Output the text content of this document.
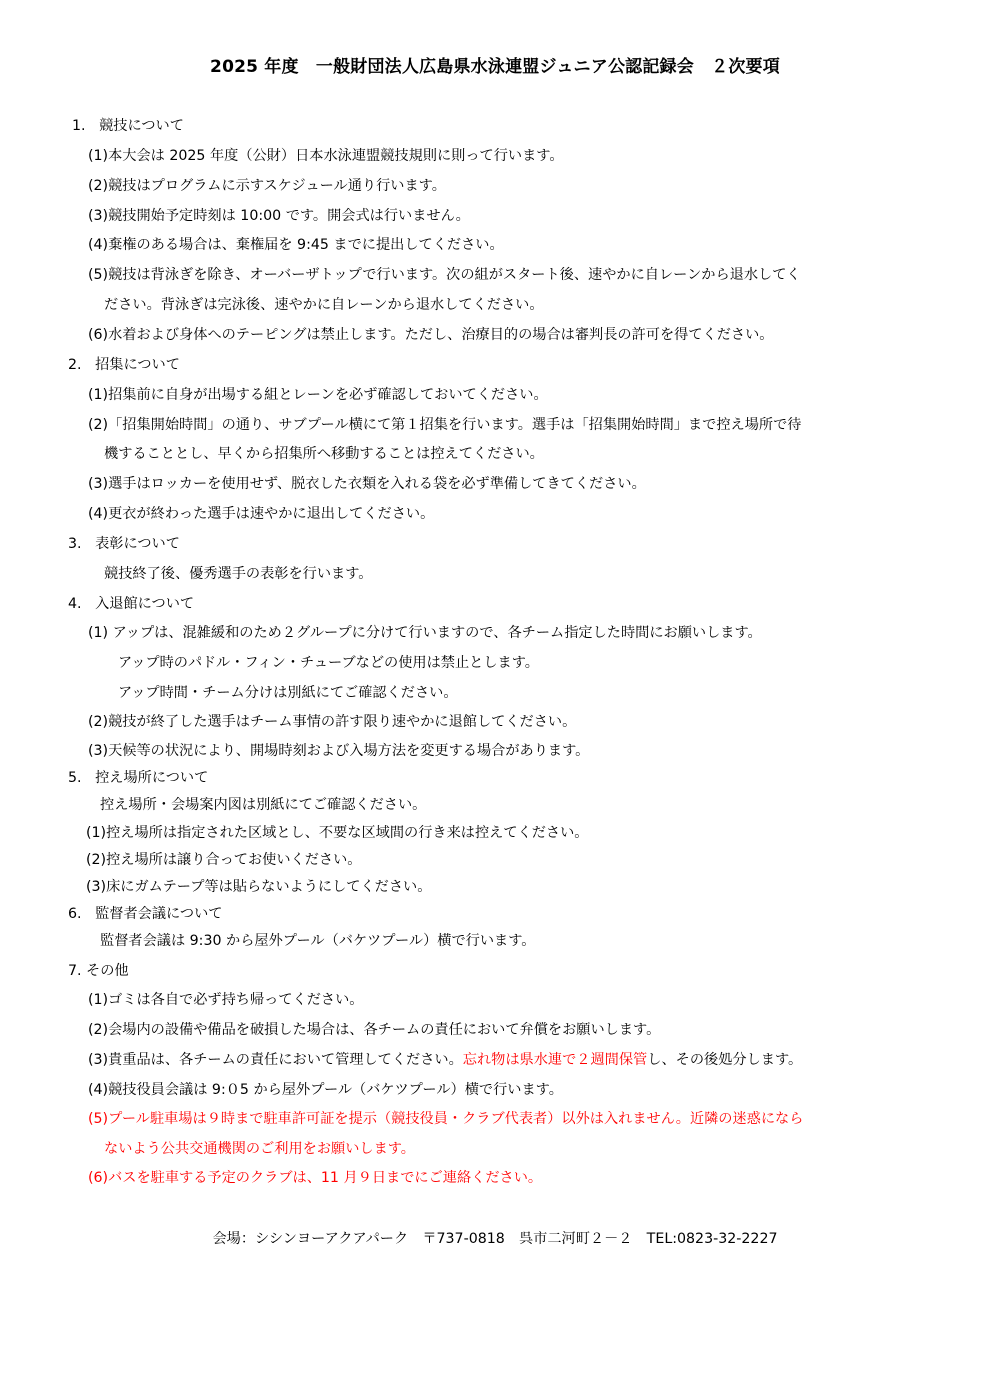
2025 年度　一般財団法人広島県水泳連盟ジュニア公認記録会　２次要項
1.   競技について
(1)本大会は 2025 年度（公財）日本水泳連盟競技規則に則って行います。
(2)競技はプログラムに示すスケジュール通り行います。
(3)競技開始予定時刻は 10:00 です。開会式は行いません。
(4)棄権のある場合は、棄権届を 9:45 までに提出してください。
(5)競技は背泳ぎを除き、オーバーザトップで行います。次の組がスタート後、速やかに自レーンから退水してく
ださい。背泳ぎは完泳後、速やかに自レーンから退水してください。
(6)水着および身体へのテーピングは禁止します。ただし、治療目的の場合は審判長の許可を得てください。
2.   招集について
(1)招集前に自身が出場する組とレーンを必ず確認しておいてください。
(2)「招集開始時間」の通り、サブプール横にて第１招集を行います。選手は「招集開始時間」まで控え場所で待
機することとし、早くから招集所へ移動することは控えてください。
(3)選手はロッカーを使用せず、脱衣した衣類を入れる袋を必ず準備してきてください。
(4)更衣が終わった選手は速やかに退出してください。
3.   表彰について
競技終了後、優秀選手の表彰を行います。
4.   入退館について
(1) アップは、混雑緩和のため２グループに分けて行いますので、各チーム指定した時間にお願いします。
アップ時のパドル・フィン・チューブなどの使用は禁止とします。
アップ時間・チーム分けは別紙にてご確認ください。
(2)競技が終了した選手はチーム事情の許す限り速やかに退館してください。
(3)天候等の状況により、開場時刻および入場方法を変更する場合があります。
5.   控え場所について
控え場所・会場案内図は別紙にてご確認ください。
(1)控え場所は指定された区域とし、不要な区域間の行き来は控えてください。
(2)控え場所は譲り合ってお使いください。
(3)床にガムテープ等は貼らないようにしてください。
6.   監督者会議について
監督者会議は 9:30 から屋外プール（バケツプール）横で行います。
7. その他
(1)ゴミは各自で必ず持ち帰ってください。
(2)会場内の設備や備品を破損した場合は、各チームの責任において弁償をお願いします。
(3)貴重品は、各チームの責任において管理してください。忘れ物は県水連で２週間保管し、その後処分します。
(4)競技役員会議は 9:０5 から屋外プール（バケツプール）横で行います。
(5)プール駐車場は９時まで駐車許可証を提示（競技役員・クラブ代表者）以外は入れません。近隣の迷惑になら
ないよう公共交通機関のご利用をお願いします。
(6)バスを駐車する予定のクラブは、11 月９日までにご連絡ください。
会場：シシンヨーアクアパーク　〒737-0818　呉市二河町２－２　TEL:0823-32-2227
